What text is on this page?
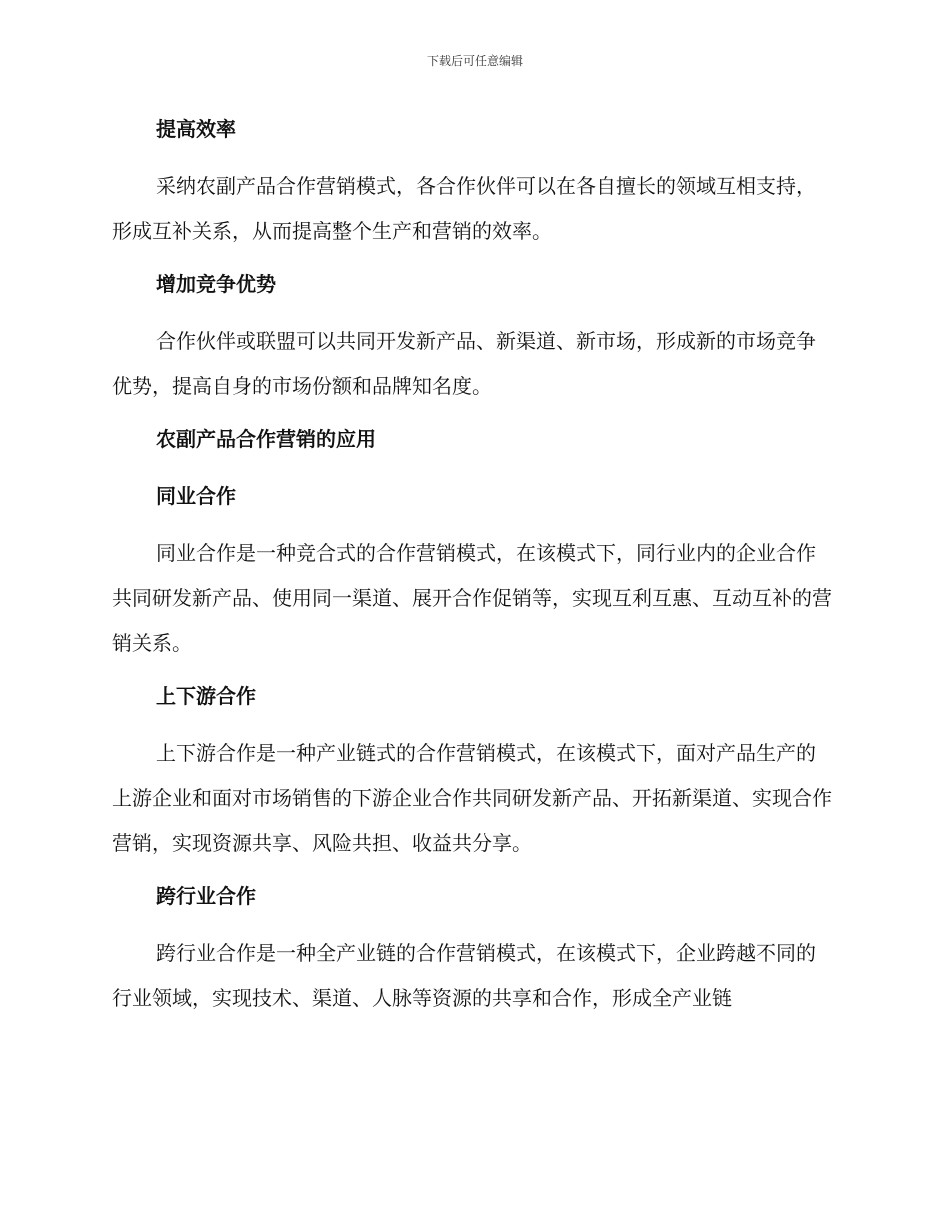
下载后可任意编辑
提高效率
采纳农副产品合作营销模式，各合作伙伴可以在各自擅长的领域互相支持，形成互补关系，从而提高整个生产和营销的效率。
增加竞争优势
合作伙伴或联盟可以共同开发新产品、新渠道、新市场，形成新的市场竞争优势，提高自身的市场份额和品牌知名度。
农副产品合作营销的应用
同业合作
同业合作是一种竞合式的合作营销模式，在该模式下，同行业内的企业合作共同研发新产品、使用同一渠道、展开合作促销等，实现互利互惠、互动互补的营销关系。
上下游合作
上下游合作是一种产业链式的合作营销模式，在该模式下，面对产品生产的上游企业和面对市场销售的下游企业合作共同研发新产品、开拓新渠道、实现合作营销，实现资源共享、风险共担、收益共分享。
跨行业合作
跨行业合作是一种全产业链的合作营销模式，在该模式下，企业跨越不同的行业领域，实现技术、渠道、人脉等资源的共享和合作，形成全产业链
